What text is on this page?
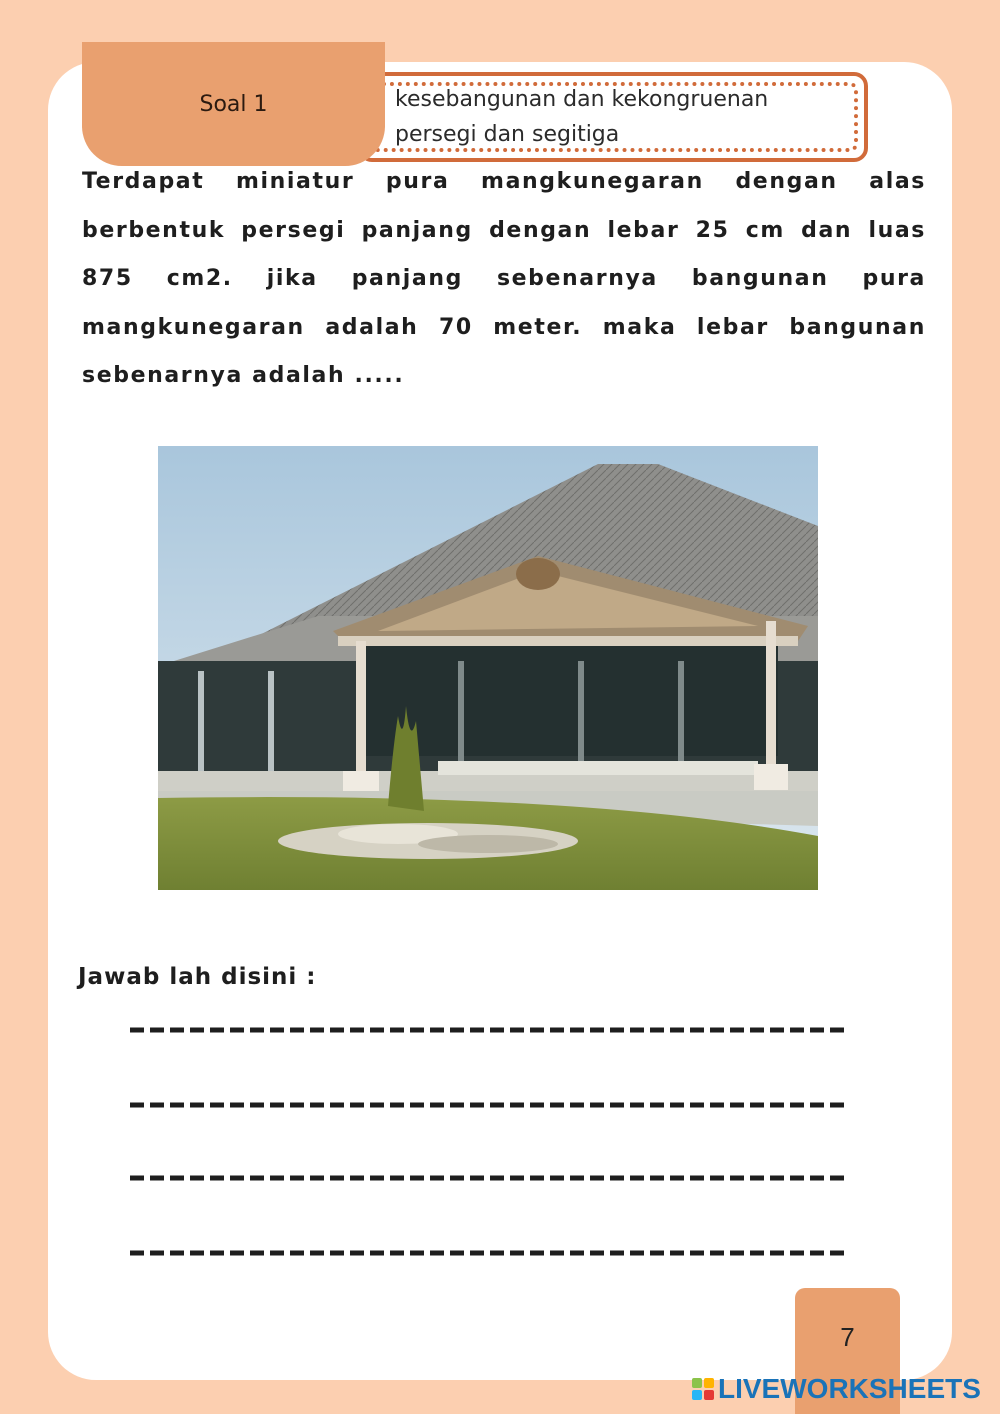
kesebangunan dan kekongruenan
persegi dan segitiga
Soal 1
Terdapat miniatur pura mangkunegaran dengan alas berbentuk persegi panjang dengan lebar 25 cm dan luas 875 cm2. jika panjang sebenarnya bangunan pura mangkunegaran adalah 70 meter. maka lebar bangunan sebenarnya adalah .....
Jawab lah disini :
7
LIVEWORKSHEETS
